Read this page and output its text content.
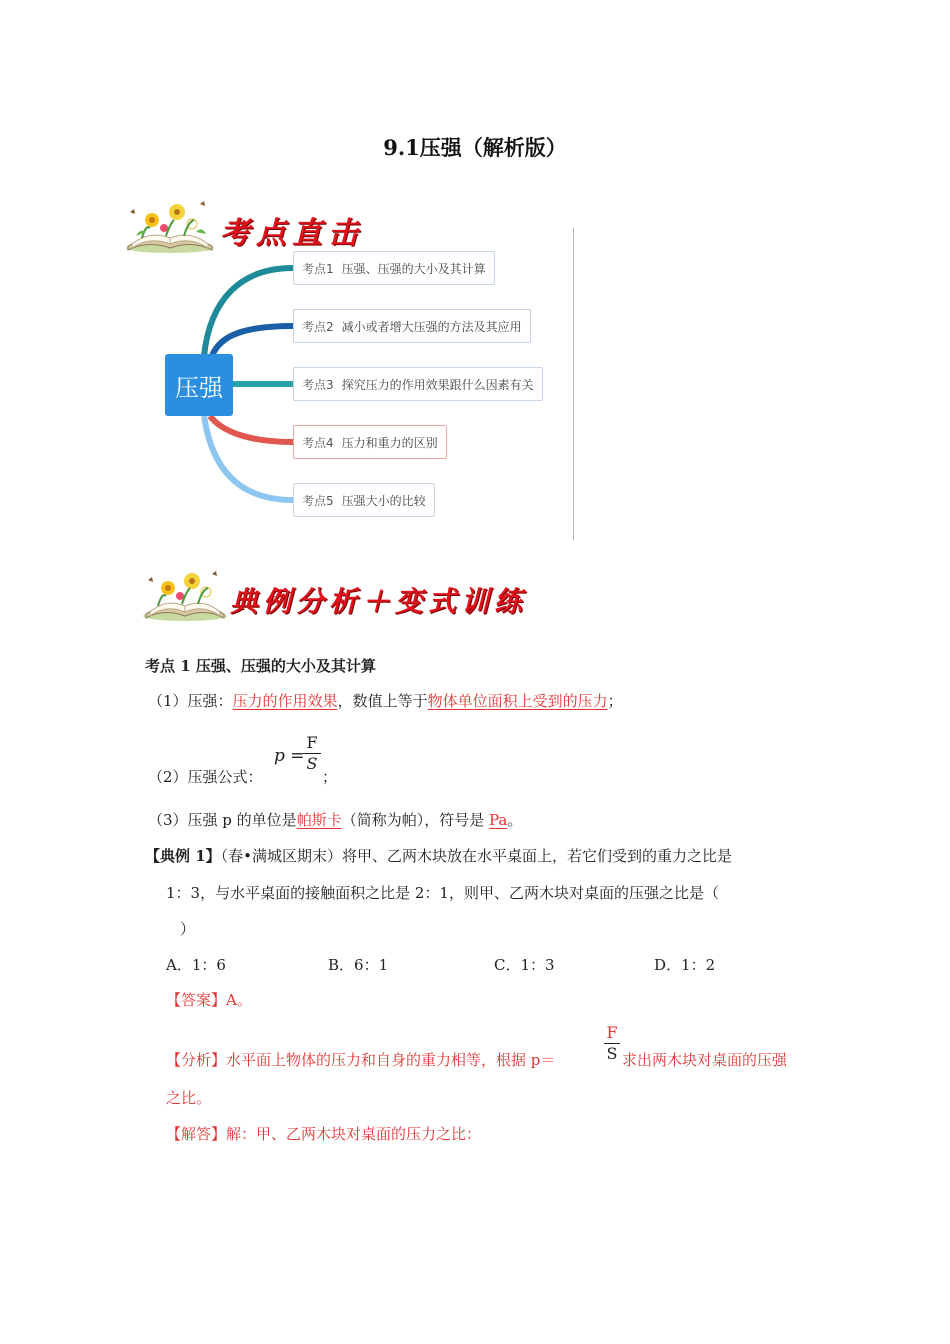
9.1压强（解析版）
考点直击
压强
考点1 压强、压强的大小及其计算
考点2 减小或者增大压强的方法及其应用
考点3 探究压力的作用效果跟什么因素有关
考点4 压力和重力的区别
考点5 压强大小的比较
典例分析＋变式训练
考点 1 压强、压强的大小及其计算
（1）压强：压力的作用效果，数值上等于物体单位面积上受到的压力；
（2）压强公式：
p =
F
S
；
（3）压强 p 的单位是帕斯卡（简称为帕），符号是 Pa。
【典例 1】（春•满城区期末）将甲、乙两木块放在水平桌面上，若它们受到的重力之比是
1：3，与水平桌面的接触面积之比是 2：1，则甲、乙两木块对桌面的压强之比是（
）
A．1：6	B．6：1	C．1：3	D．1：2
【答案】A。
【分析】水平面上物体的压力和自身的重力相等，根据 p＝
F
S 求出两木块对桌面的压强
之比。
【解答】解：甲、乙两木块对桌面的压力之比：
